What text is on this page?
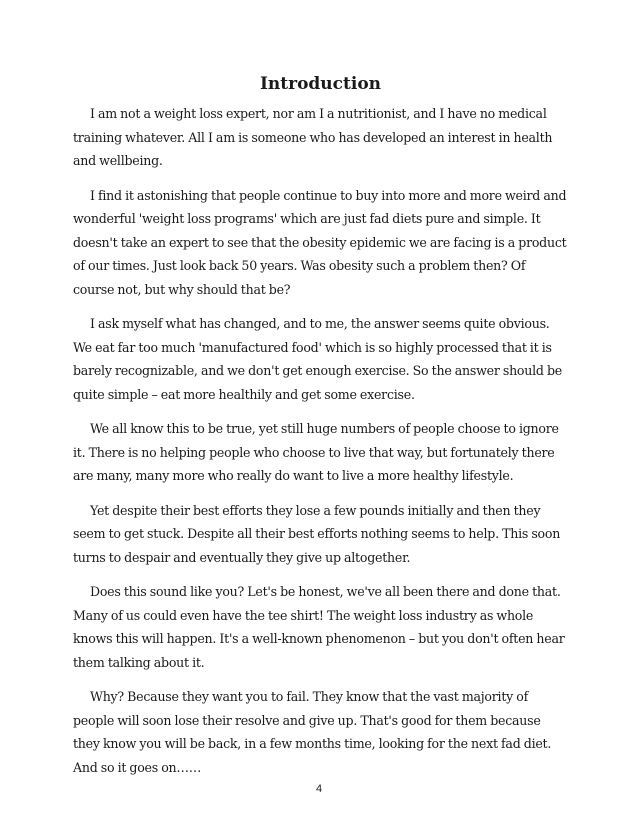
Introduction

I am not a weight loss expert, nor am I a nutritionist, and I have no medical training whatever. All I am is someone who has developed an interest in health and wellbeing.

I find it astonishing that people continue to buy into more and more weird and wonderful 'weight loss programs' which are just fad diets pure and simple. It doesn't take an expert to see that the obesity epidemic we are facing is a product of our times. Just look back 50 years. Was obesity such a problem then? Of course not, but why should that be?

I ask myself what has changed, and to me, the answer seems quite obvious. We eat far too much 'manufactured food' which is so highly processed that it is barely recognizable, and we don't get enough exercise. So the answer should be quite simple – eat more healthily and get some exercise.

We all know this to be true, yet still huge numbers of people choose to ignore it. There is no helping people who choose to live that way, but fortunately there are many, many more who really do want to live a more healthy lifestyle.

Yet despite their best efforts they lose a few pounds initially and then they seem to get stuck. Despite all their best efforts nothing seems to help. This soon turns to despair and eventually they give up altogether.

Does this sound like you? Let's be honest, we've all been there and done that. Many of us could even have the tee shirt! The weight loss industry as whole knows this will happen. It's a well-known phenomenon – but you don't often hear them talking about it.

Why? Because they want you to fail. They know that the vast majority of people will soon lose their resolve and give up. That's good for them because they know you will be back, in a few months time, looking for the next fad diet. And so it goes on……

4
